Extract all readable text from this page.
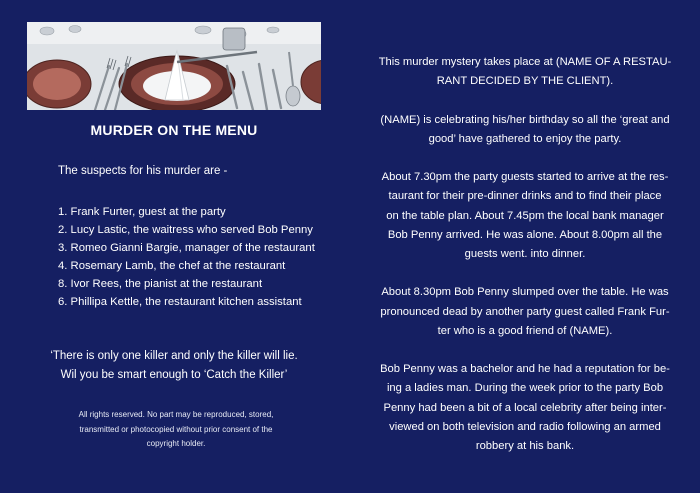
MURDER ON THE MENU
The suspects for his murder are -
1. Frank Furter, guest at the party
2. Lucy Lastic, the waitress who served Bob Penny
3. Romeo Gianni Bargie, manager of the restaurant
4. Rosemary Lamb, the chef at the restaurant
8. Ivor Rees, the pianist at the restaurant
6. Phillipa Kettle, the restaurant kitchen assistant
‘There is only one killer and only the killer will lie.
Wil you be smart enough to ‘Catch the Killer’
All rights reserved. No part may be reproduced, stored,
transmitted or photocopied without prior consent of the
copyright holder.

This murder mystery takes place at (NAME OF A RESTAU-
RANT DECIDED BY THE CLIENT).

(NAME) is celebrating his/her birthday so all the ‘great and
good’ have gathered to enjoy the party.

About 7.30pm the party guests started to arrive at the res-
taurant for their pre-dinner drinks and to find their place
on the table plan. About 7.45pm the local bank manager
Bob Penny arrived. He was alone. About 8.00pm all the
guests went. into dinner.

About 8.30pm Bob Penny slumped over the table. He was
pronounced dead by another party guest called Frank Fur-
ter who is a good friend of (NAME).

Bob Penny was a bachelor and he had a reputation for be-
ing a ladies man. During the week prior to the party Bob
Penny had been a bit of a local celebrity after being inter-
viewed on both television and radio following an armed
robbery at his bank.
